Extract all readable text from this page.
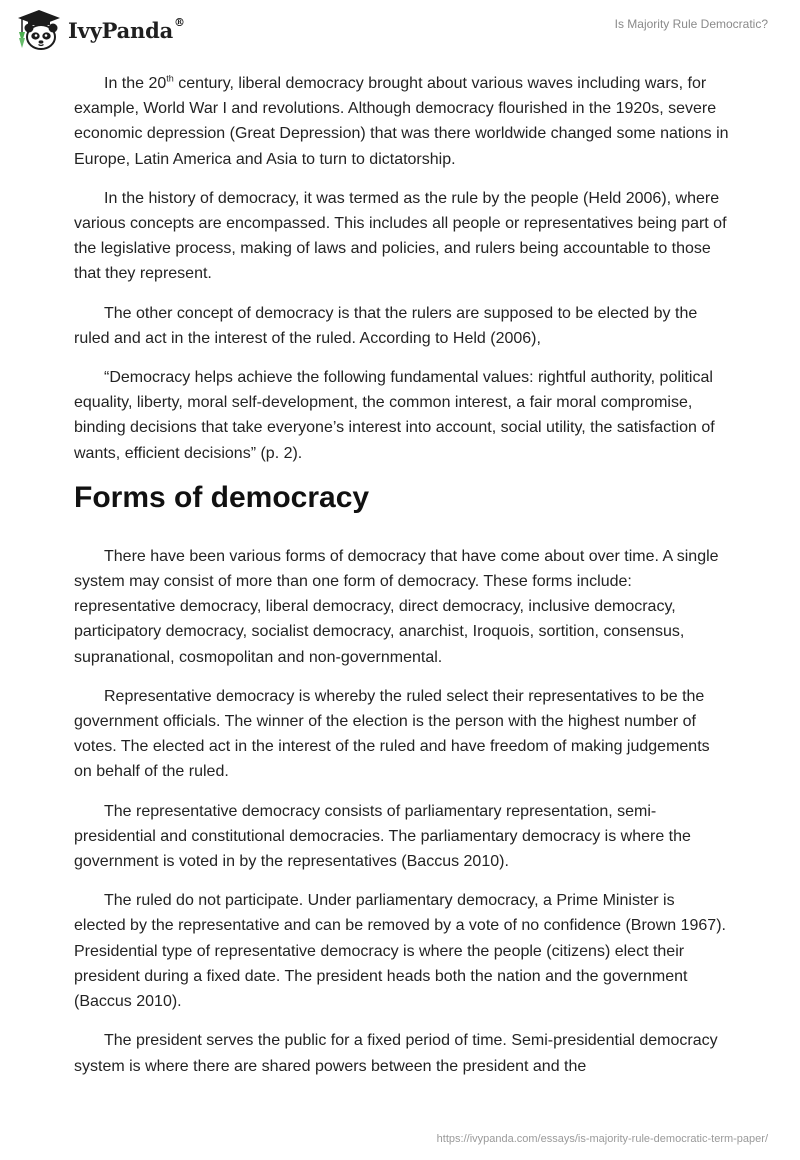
IvyPanda®	Is Majority Rule Democratic?

In the 20th century, liberal democracy brought about various waves including wars, for example, World War I and revolutions. Although democracy flourished in the 1920s, severe economic depression (Great Depression) that was there worldwide changed some nations in Europe, Latin America and Asia to turn to dictatorship.

In the history of democracy, it was termed as the rule by the people (Held 2006), where various concepts are encompassed. This includes all people or representatives being part of the legislative process, making of laws and policies, and rulers being accountable to those that they represent.

The other concept of democracy is that the rulers are supposed to be elected by the ruled and act in the interest of the ruled. According to Held (2006),

“Democracy helps achieve the following fundamental values: rightful authority, political equality, liberty, moral self-development, the common interest, a fair moral compromise, binding decisions that take everyone’s interest into account, social utility, the satisfaction of wants, efficient decisions” (p. 2).

Forms of democracy

There have been various forms of democracy that have come about over time. A single system may consist of more than one form of democracy. These forms include: representative democracy, liberal democracy, direct democracy, inclusive democracy, participatory democracy, socialist democracy, anarchist, Iroquois, sortition, consensus, supranational, cosmopolitan and non-governmental.

Representative democracy is whereby the ruled select their representatives to be the government officials. The winner of the election is the person with the highest number of votes. The elected act in the interest of the ruled and have freedom of making judgements on behalf of the ruled.

The representative democracy consists of parliamentary representation, semi-presidential and constitutional democracies. The parliamentary democracy is where the government is voted in by the representatives (Baccus 2010).

The ruled do not participate. Under parliamentary democracy, a Prime Minister is elected by the representative and can be removed by a vote of no confidence (Brown 1967). Presidential type of representative democracy is where the people (citizens) elect their president during a fixed date. The president heads both the nation and the government (Baccus 2010).

The president serves the public for a fixed period of time. Semi-presidential democracy system is where there are shared powers between the president and the

https://ivypanda.com/essays/is-majority-rule-democratic-term-paper/
